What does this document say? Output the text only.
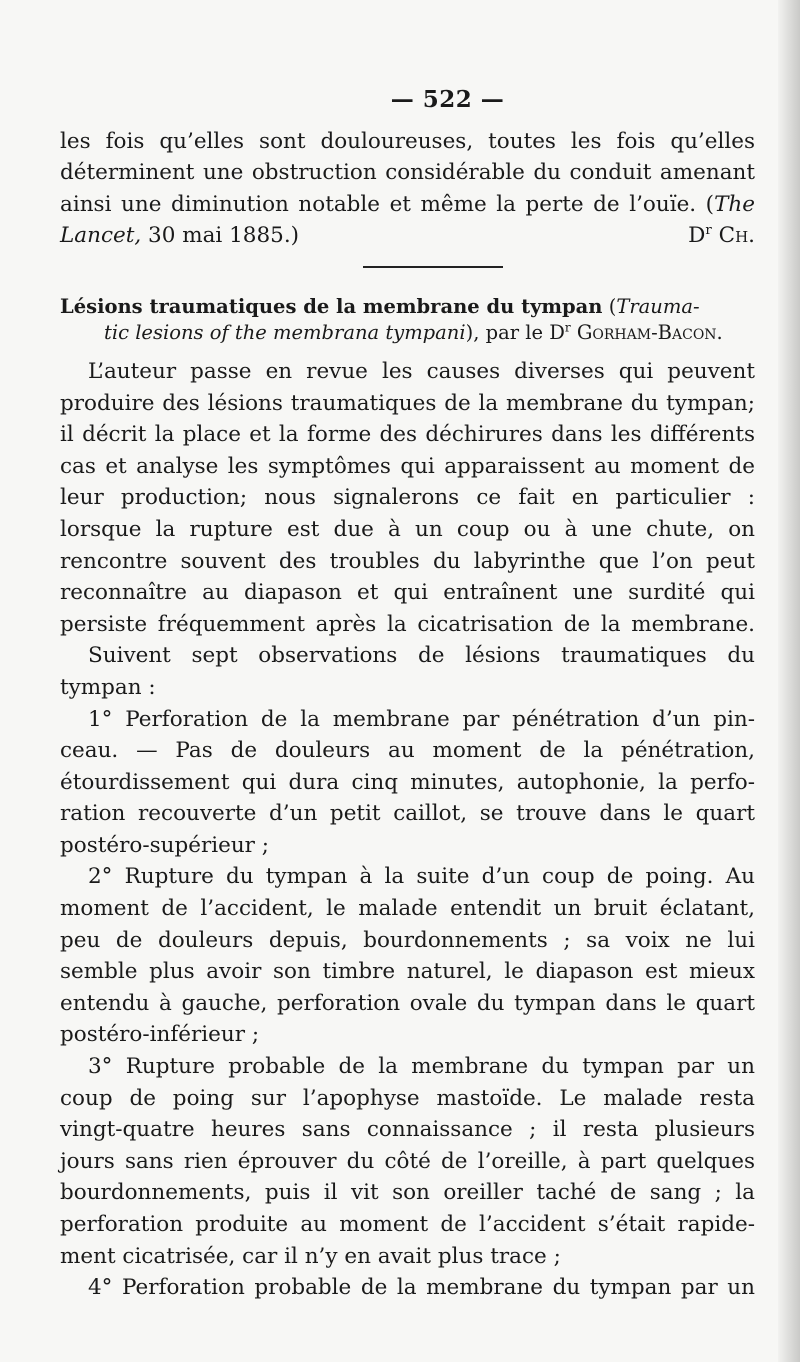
— 522 —

les fois qu’elles sont douloureuses, toutes les fois qu’elles

déterminent une obstruction considérable du conduit amenant

ainsi une diminution notable et même la perte de l’ouïe. (The

Lancet, 30 mai 1885.)	$D^r$ Ch.

Lésions traumatiques de la membrane du tympan (Trauma-
tic lesions of the membrana tympani), par le $D^r$ Gorham-Bacon.

L’auteur passe en revue les causes diverses qui peuvent

produire des lésions traumatiques de la membrane du tympan;

il décrit la place et la forme des déchirures dans les différents

cas et analyse les symptômes qui apparaissent au moment de

leur production; nous signalerons ce fait en particulier :

lorsque la rupture est due à un coup ou à une chute, on

rencontre souvent des troubles du labyrinthe que l’on peut

reconnaître au diapason et qui entraînent une surdité qui

persiste fréquemment après la cicatrisation de la membrane.

Suivent sept observations de lésions traumatiques du

tympan :

1° Perforation de la membrane par pénétration d’un pin-

ceau. — Pas de douleurs au moment de la pénétration,

étourdissement qui dura cinq minutes, autophonie, la perfo-

ration recouverte d’un petit caillot, se trouve dans le quart

postéro-supérieur ;

2° Rupture du tympan à la suite d’un coup de poing. Au

moment de l’accident, le malade entendit un bruit éclatant,

peu de douleurs depuis, bourdonnements ; sa voix ne lui

semble plus avoir son timbre naturel, le diapason est mieux

entendu à gauche, perforation ovale du tympan dans le quart

postéro-inférieur ;

3° Rupture probable de la membrane du tympan par un

coup de poing sur l’apophyse mastoïde. Le malade resta

vingt-quatre heures sans connaissance ; il resta plusieurs

jours sans rien éprouver du côté de l’oreille, à part quelques

bourdonnements, puis il vit son oreiller taché de sang ; la

perforation produite au moment de l’accident s’était rapide-

ment cicatrisée, car il n’y en avait plus trace ;

4° Perforation probable de la membrane du tympan par un
